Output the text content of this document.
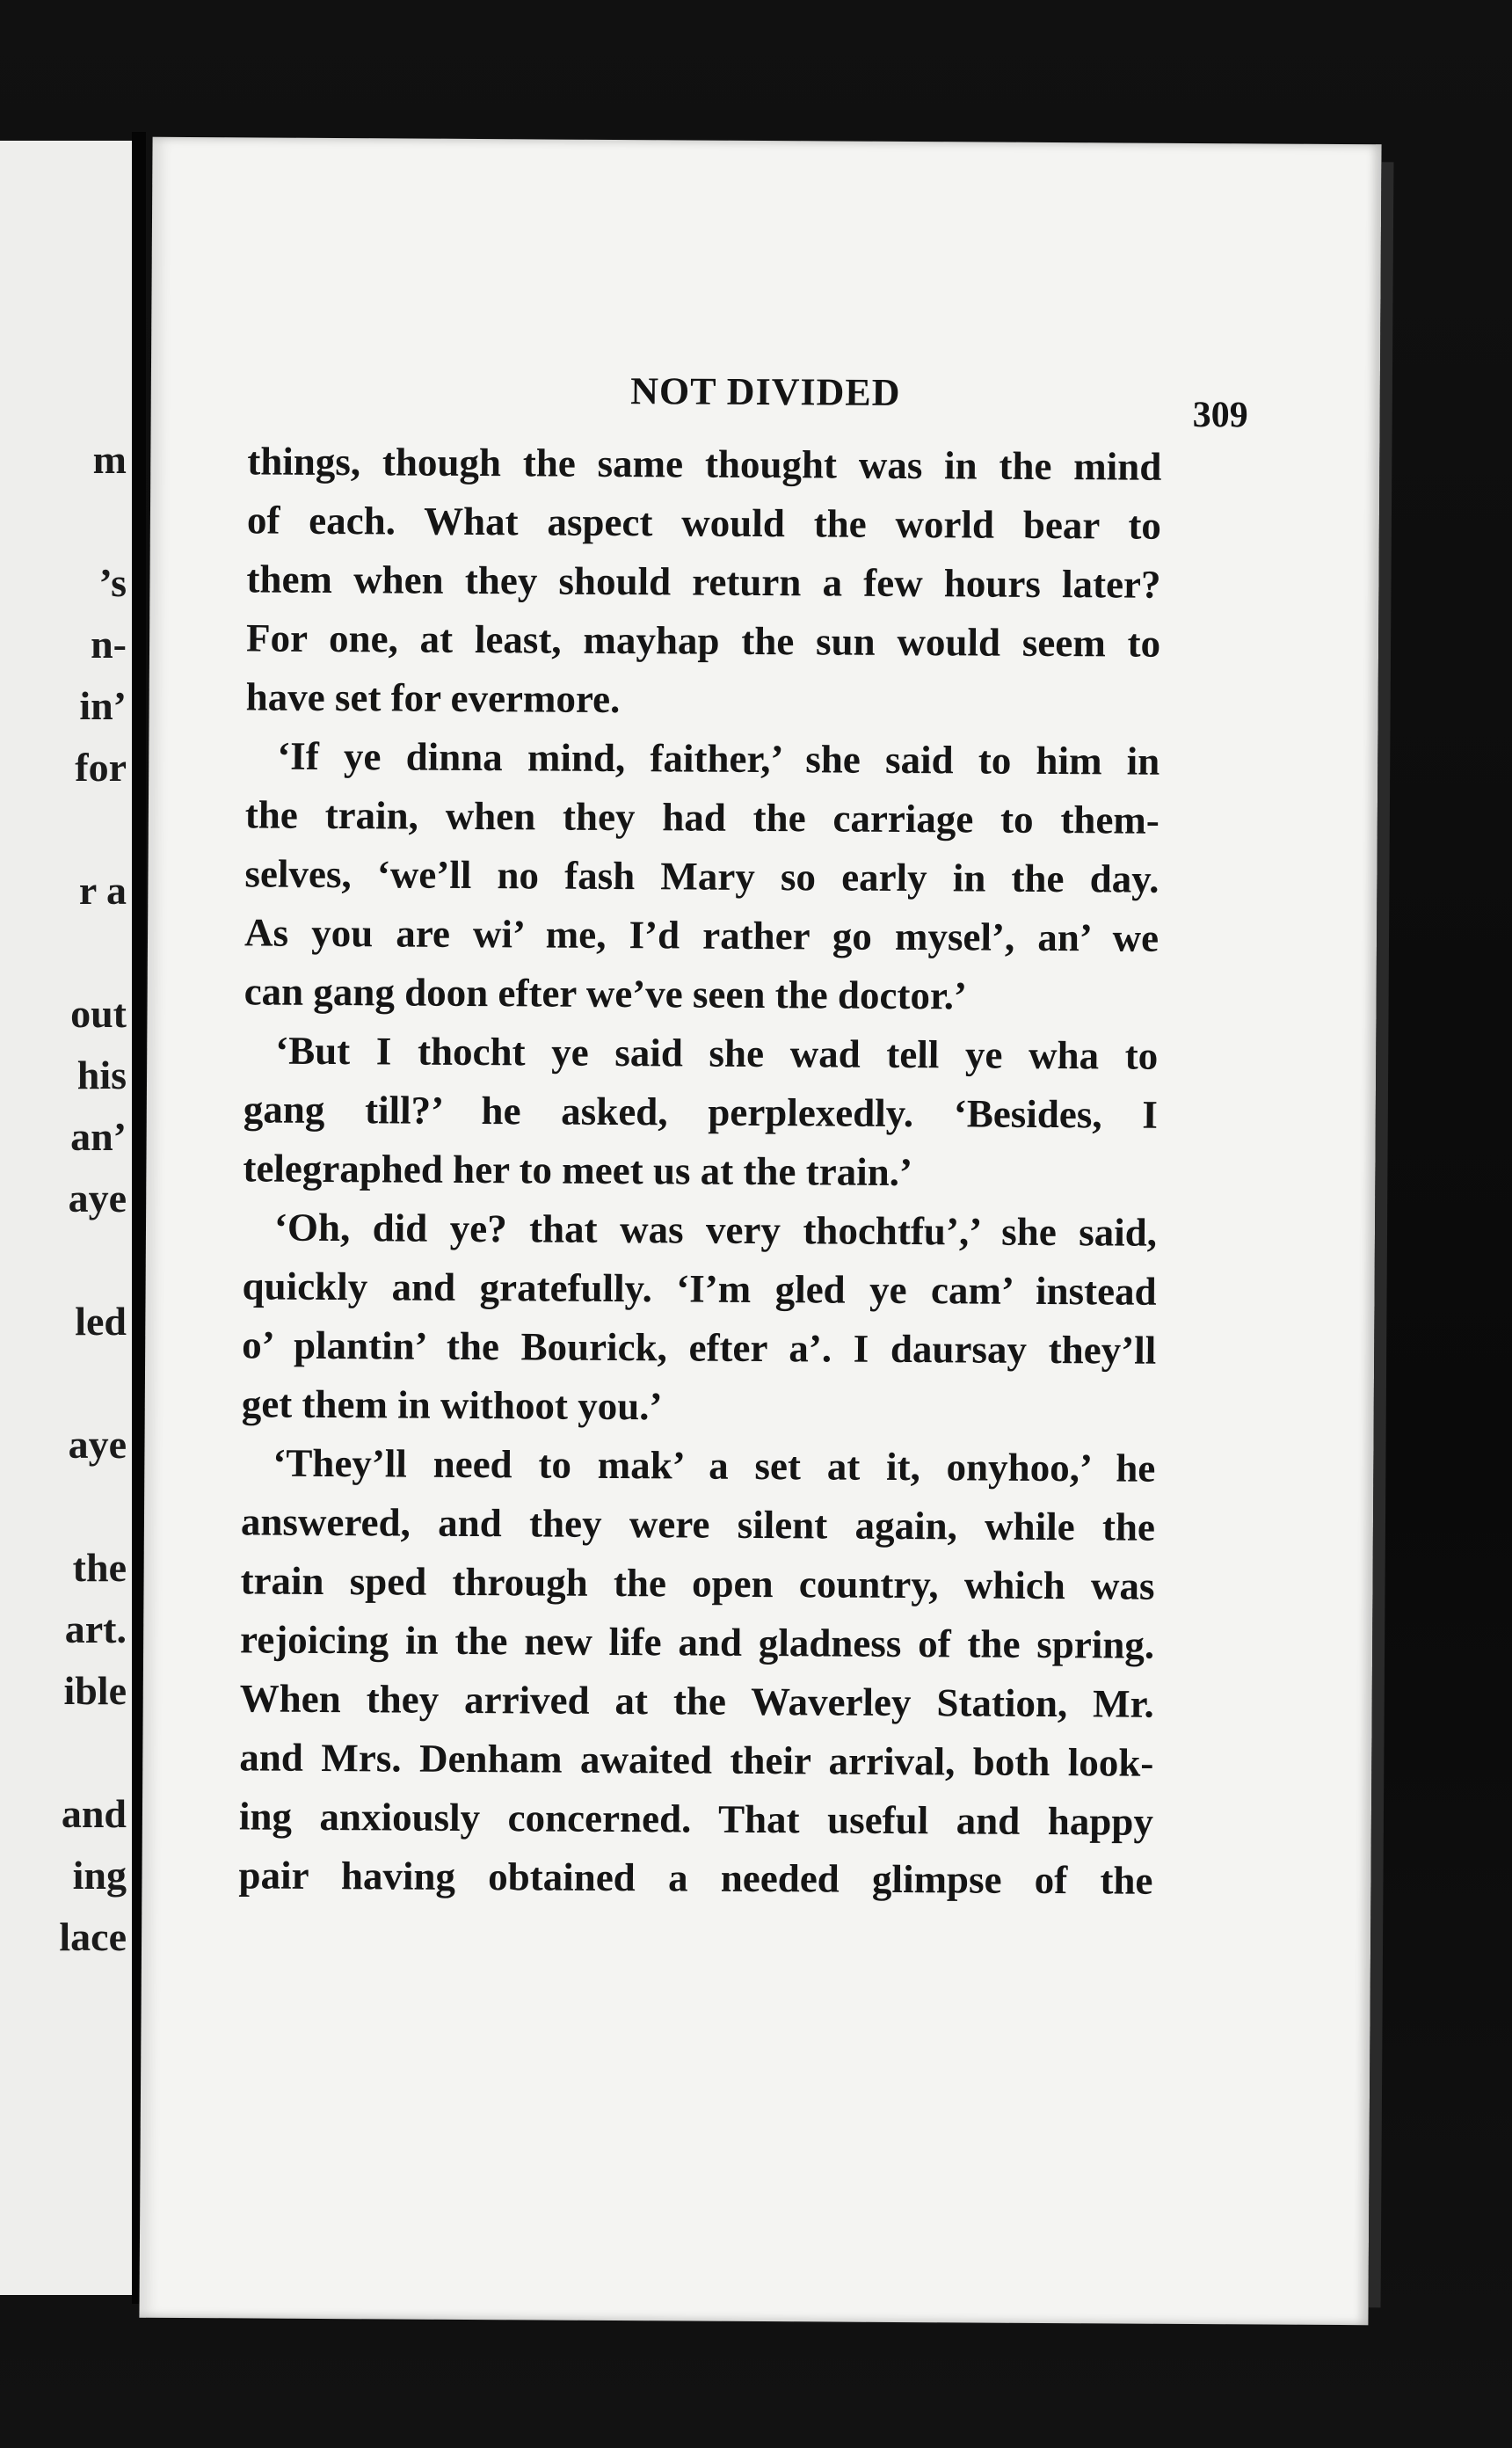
m
’s
n-
in’
for
r a
out
his
an’
aye
led
aye
the
art.
ible
and
ing
lace
NOT DIVIDED
309
things, though the same thought was in the mind
of each. What aspect would the world bear to
them when they should return a few hours later?
For one, at least, mayhap the sun would seem to
have set for evermore.
‘If ye dinna mind, faither,’ she said to him in
the train, when they had the carriage to them-
selves, ‘we’ll no fash Mary so early in the day.
As you are wi’ me, I’d rather go mysel’, an’ we
can gang doon efter we’ve seen the doctor.’
‘But I thocht ye said she wad tell ye wha to
gang till?’ he asked, perplexedly. ‘Besides, I
telegraphed her to meet us at the train.’
‘Oh, did ye? that was very thochtfu’,’ she said,
quickly and gratefully. ‘I’m gled ye cam’ instead
o’ plantin’ the Bourick, efter a’. I daursay they’ll
get them in withoot you.’
‘They’ll need to mak’ a set at it, onyhoo,’ he
answered, and they were silent again, while the
train sped through the open country, which was
rejoicing in the new life and gladness of the spring.
When they arrived at the Waverley Station, Mr.
and Mrs. Denham awaited their arrival, both look-
ing anxiously concerned. That useful and happy
pair having obtained a needed glimpse of the
